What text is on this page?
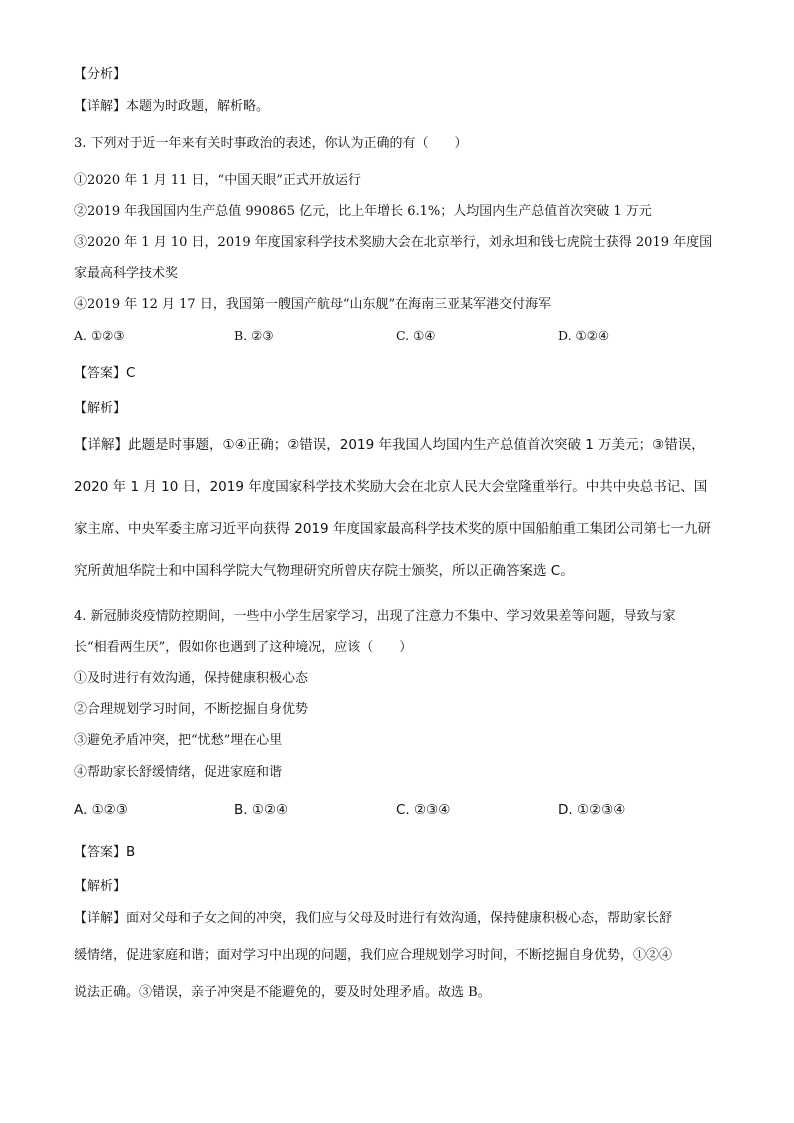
【分析】
【详解】本题为时政题，解析略。
3. 下列对于近一年来有关时事政治的表述，你认为正确的有（　　）
①2020 年 1 月 11 日，“中国天眼”正式开放运行
②2019 年我国国内生产总值 990865 亿元，比上年增长 6.1%；人均国内生产总值首次突破 1 万元
③2020 年 1 月 10 日，2019 年度国家科学技术奖励大会在北京举行，刘永坦和钱七虎院士获得 2019 年度国
家最高科学技术奖
④2019 年 12 月 17 日，我国第一艘国产航母“山东舰”在海南三亚某军港交付海军
A. ①②③	B. ②③	C. ①④	D. ①②④
【答案】C
【解析】
【详解】此题是时事题，①④正确；②错误，2019 年我国人均国内生产总值首次突破 1 万美元；③错误，
2020 年 1 月 10 日，2019 年度国家科学技术奖励大会在北京人民大会堂隆重举行。中共中央总书记、国
家主席、中央军委主席习近平向获得 2019 年度国家最高科学技术奖的原中国船舶重工集团公司第七一九研
究所黄旭华院士和中国科学院大气物理研究所曾庆存院士颁奖，所以正确答案选 C。
4. 新冠肺炎疫情防控期间，一些中小学生居家学习，出现了注意力不集中、学习效果差等问题，导致与家
长“相看两生厌”，假如你也遇到了这种境况，应该（　　）
①及时进行有效沟通，保持健康积极心态
②合理规划学习时间，不断挖掘自身优势
③避免矛盾冲突，把“忧愁”埋在心里
④帮助家长舒缓情绪，促进家庭和谐
A. ①②③	B. ①②④	C. ②③④	D. ①②③④
【答案】B
【解析】
【详解】面对父母和子女之间的冲突，我们应与父母及时进行有效沟通，保持健康积极心态，帮助家长舒
缓情绪，促进家庭和谐；面对学习中出现的问题，我们应合理规划学习时间，不断挖掘自身优势，①②④
说法正确。③错误，亲子冲突是不能避免的，要及时处理矛盾。故选 B。
